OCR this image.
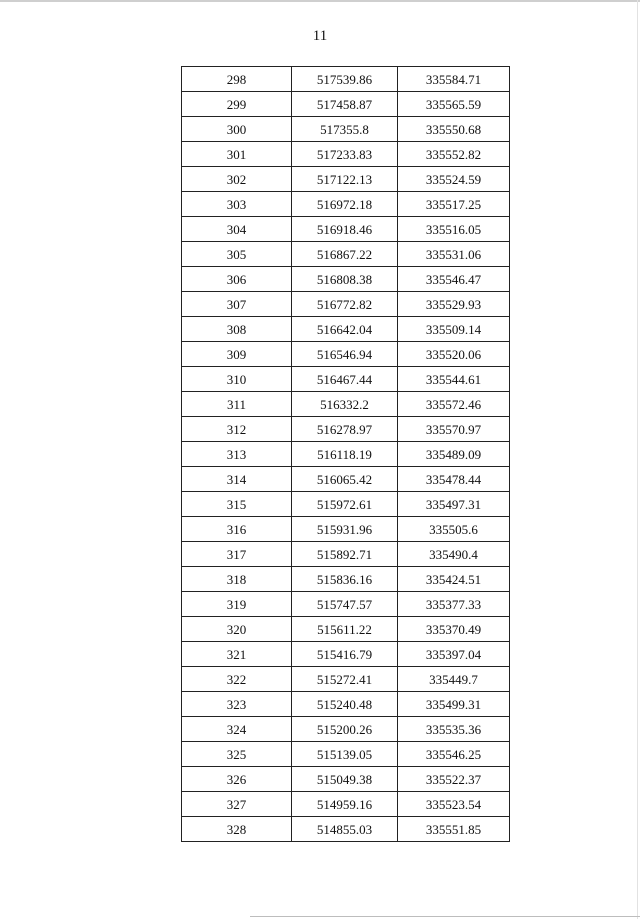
11
298	517539.86	335584.71
299	517458.87	335565.59
300	517355.8	335550.68
301	517233.83	335552.82
302	517122.13	335524.59
303	516972.18	335517.25
304	516918.46	335516.05
305	516867.22	335531.06
306	516808.38	335546.47
307	516772.82	335529.93
308	516642.04	335509.14
309	516546.94	335520.06
310	516467.44	335544.61
311	516332.2	335572.46
312	516278.97	335570.97
313	516118.19	335489.09
314	516065.42	335478.44
315	515972.61	335497.31
316	515931.96	335505.6
317	515892.71	335490.4
318	515836.16	335424.51
319	515747.57	335377.33
320	515611.22	335370.49
321	515416.79	335397.04
322	515272.41	335449.7
323	515240.48	335499.31
324	515200.26	335535.36
325	515139.05	335546.25
326	515049.38	335522.37
327	514959.16	335523.54
328	514855.03	335551.85
